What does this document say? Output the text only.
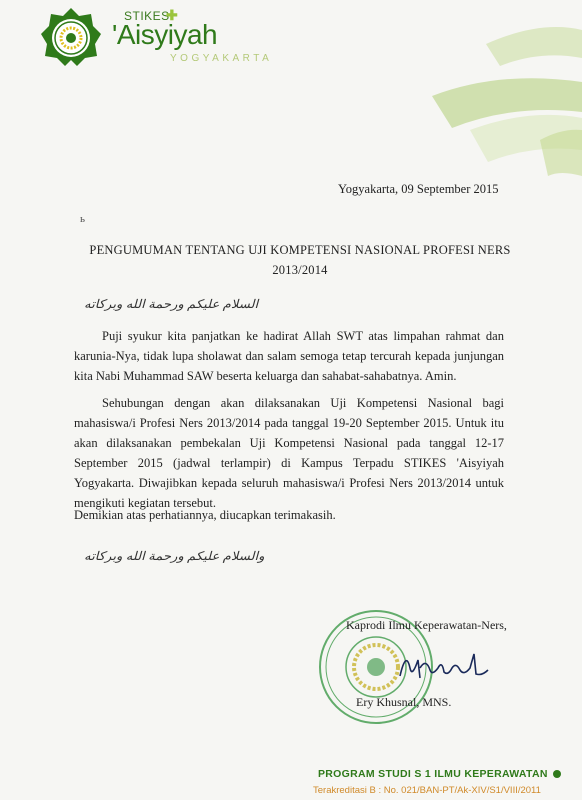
STIKES
✚
'Aisyiyah
YOGYAKARTA
Yogyakarta, 09 September 2015
ь
PENGUMUMAN TENTANG UJI KOMPETENSI NASIONAL PROFESI NERS
2013/2014
السلام عليكم ورحمة الله وبركاته

Puji syukur kita panjatkan ke hadirat Allah SWT atas limpahan rahmat dan karunia-Nya, tidak lupa sholawat dan salam semoga tetap tercurah kepada junjungan kita Nabi Muhammad SAW beserta keluarga dan sahabat-sahabatnya. Amin.

Sehubungan dengan akan dilaksanakan Uji Kompetensi Nasional bagi mahasiswa/i Profesi Ners 2013/2014 pada tanggal 19-20 September 2015. Untuk itu akan dilaksanakan pembekalan Uji Kompetensi Nasional pada tanggal 12-17 September 2015 (jadwal terlampir) di Kampus Terpadu STIKES 'Aisyiyah Yogyakarta. Diwajibkan kepada seluruh mahasiswa/i Profesi Ners 2013/2014 untuk mengikuti kegiatan tersebut.

Demikian atas perhatiannya, diucapkan terimakasih.
والسلام عليكم ورحمة الله وبركاته
Kaprodi Ilmu Keperawatan-Ners,
Ery Khusnal, MNS.
PROGRAM STUDI S 1 ILMU KEPERAWATAN
Terakreditasi B : No. 021/BAN-PT/Ak-XIV/S1/VIII/2011
